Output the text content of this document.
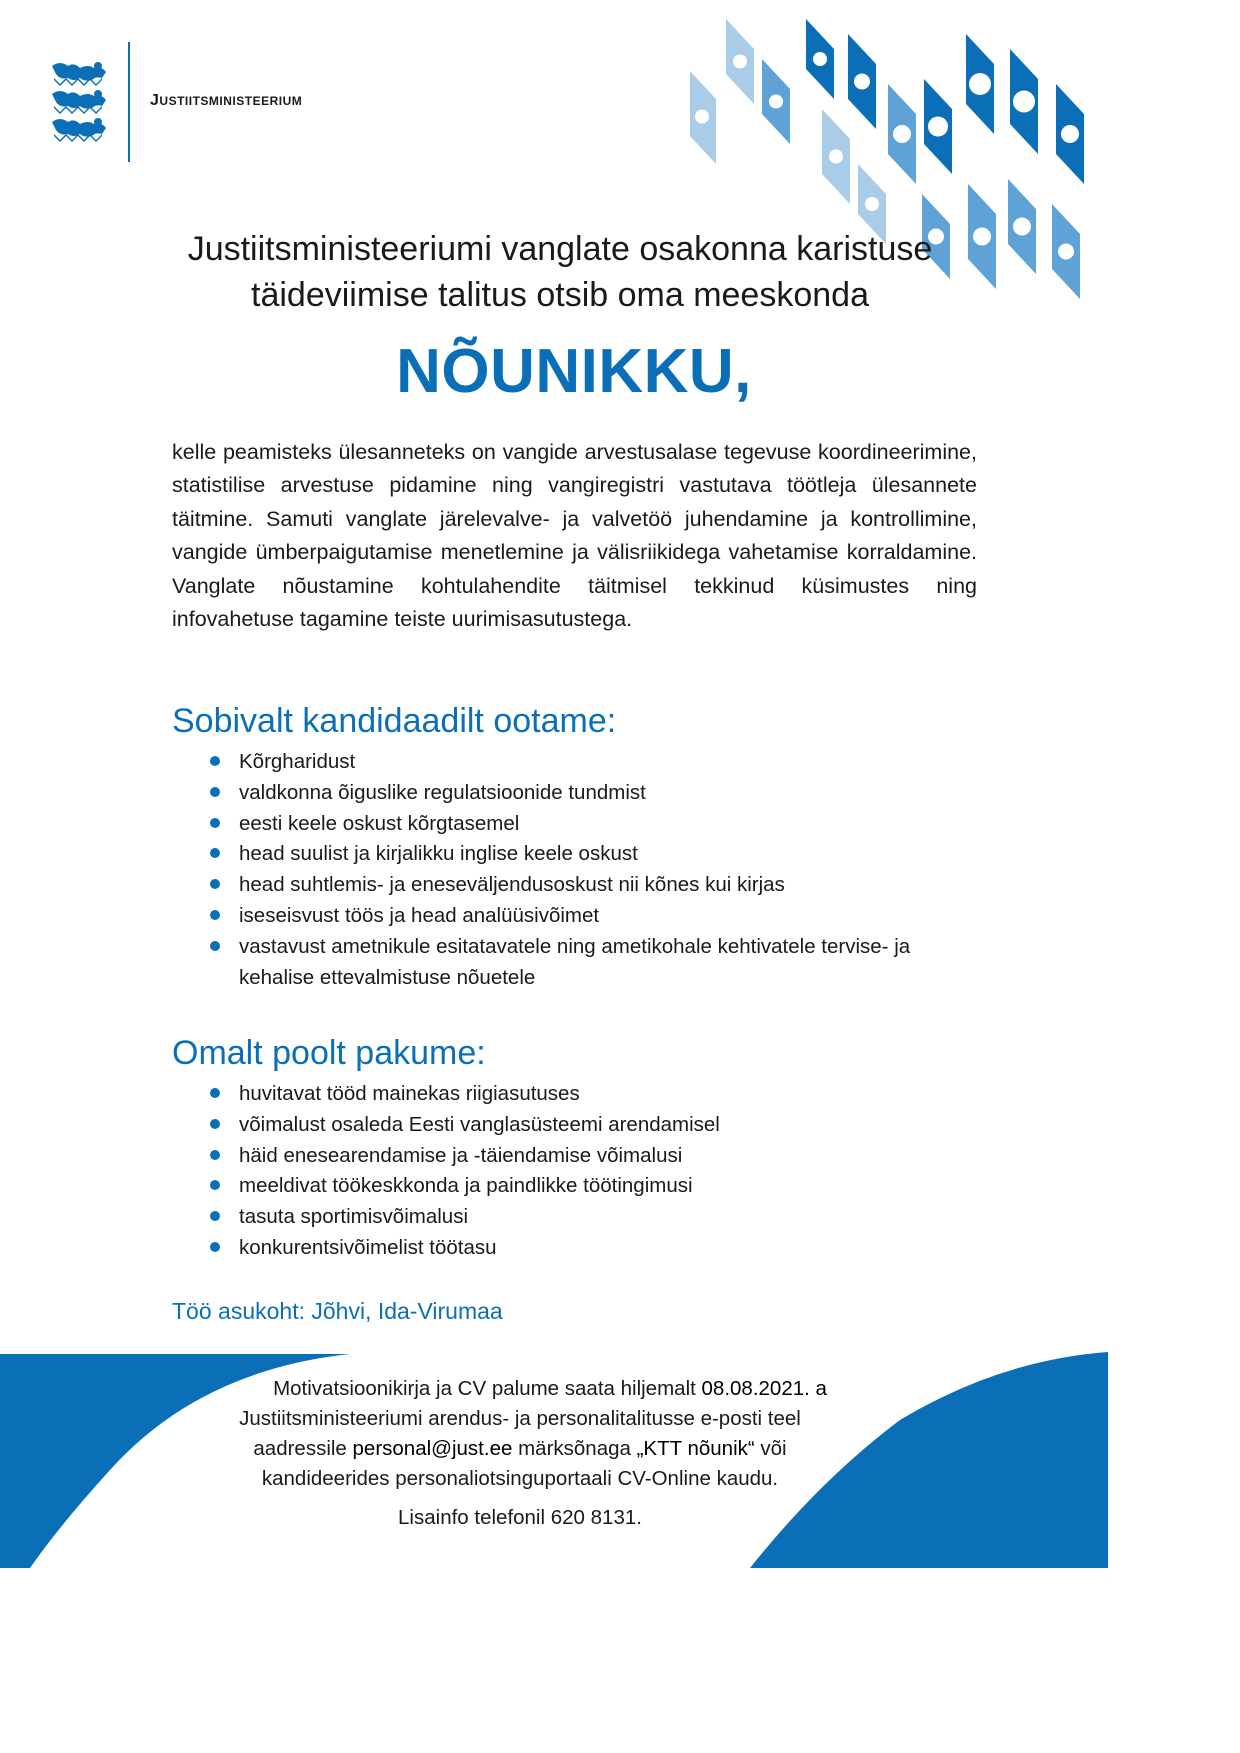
JUSTIITSMINISTEERIUM
Justiitsministeeriumi vanglate osakonna karistuse
täideviimise talitus otsib oma meeskonda
NÕUNIKKU,
kelle peamisteks ülesanneteks on vangide arvestusalase tegevuse koordineerimine, statistilise arvestuse pidamine ning vangiregistri vastutava töötleja ülesannete täitmine. Samuti vanglate järelevalve- ja valvetöö juhendamine ja kontrollimine, vangide ümberpaigutamise menetlemine ja välisriikidega vahetamise korraldamine. Vanglate nõustamine kohtulahendite täitmisel tekkinud küsimustes ning infovahetuse tagamine teiste uurimisasutustega.
Sobivalt kandidaadilt ootame:
Kõrgharidust
valdkonna õiguslike regulatsioonide tundmist
eesti keele oskust kõrgtasemel
head suulist ja kirjalikku inglise keele oskust
head suhtlemis- ja eneseväljendusoskust nii kõnes kui kirjas
iseseisvust töös ja head analüüsivõimet
vastavust ametnikule esitatavatele ning ametikohale kehtivatele tervise- ja kehalise ettevalmistuse nõuetele
Omalt poolt pakume:
huvitavat tööd mainekas riigiasutuses
võimalust osaleda Eesti vanglasüsteemi arendamisel
häid enesearendamise ja -täiendamise võimalusi
meeldivat töökeskkonda ja paindlikke töötingimusi
tasuta sportimisvõimalusi
konkurentsivõimelist töötasu
Töö asukoht: Jõhvi, Ida-Virumaa
Motivatsioonikirja ja CV palume saata hiljemalt 08.08.2021. a
Justiitsministeeriumi arendus- ja personalitalitusse e-posti teel aadressile personal@just.ee märksõnaga „KTT nõunik“ või kandideerides personaliotsinguportaali CV-Online kaudu.
Lisainfo telefonil 620 8131.
